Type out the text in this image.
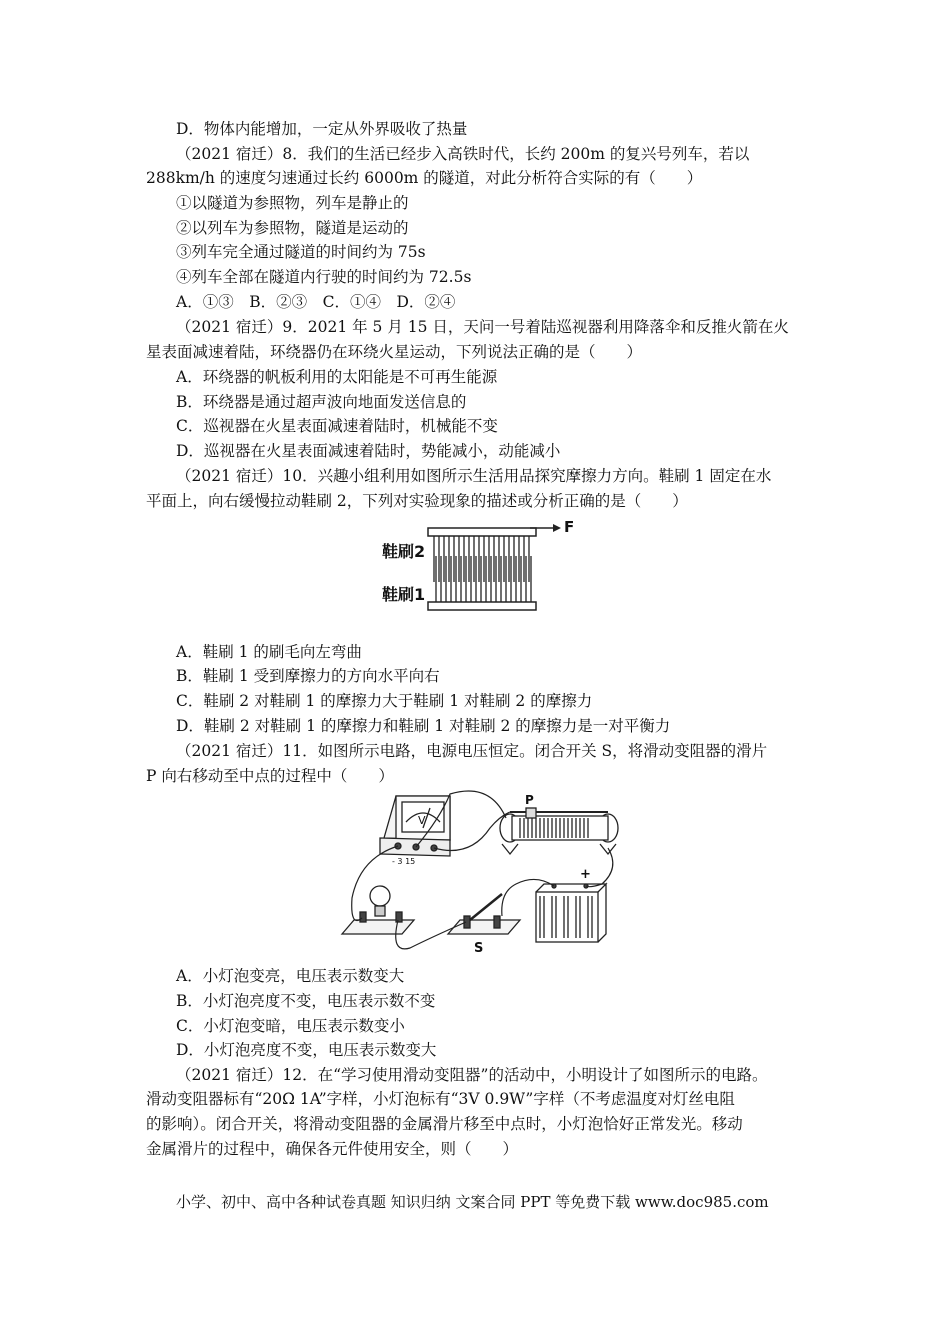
D．物体内能增加，一定从外界吸收了热量
（2021 宿迁）8．我们的生活已经步入高铁时代，长约 200m 的复兴号列车，若以
288km/h 的速度匀速通过长约 6000m 的隧道，对此分析符合实际的有（　　）
①以隧道为参照物，列车是静止的
②以列车为参照物，隧道是运动的
③列车完全通过隧道的时间约为 75s
④列车全部在隧道内行驶的时间约为 72.5s
A．①③　B．②③　C．①④　D．②④
（2021 宿迁）9．2021 年 5 月 15 日，天问一号着陆巡视器利用降落伞和反推火箭在火
星表面减速着陆，环绕器仍在环绕火星运动，下列说法正确的是（　　）
A．环绕器的帆板利用的太阳能是不可再生能源
B．环绕器是通过超声波向地面发送信息的
C．巡视器在火星表面减速着陆时，机械能不变
D．巡视器在火星表面减速着陆时，势能减小，动能减小
（2021 宿迁）10．兴趣小组利用如图所示生活用品探究摩擦力方向。鞋刷 1 固定在水
平面上，向右缓慢拉动鞋刷 2，下列对实验现象的描述或分析正确的是（　　）
鞋刷2
鞋刷1
F
A．鞋刷 1 的刷毛向左弯曲
B．鞋刷 1 受到摩擦力的方向水平向右
C．鞋刷 2 对鞋刷 1 的摩擦力大于鞋刷 1 对鞋刷 2 的摩擦力
D．鞋刷 2 对鞋刷 1 的摩擦力和鞋刷 1 对鞋刷 2 的摩擦力是一对平衡力
（2021 宿迁）11．如图所示电路，电源电压恒定。闭合开关 S，将滑动变阻器的滑片
P 向右移动至中点的过程中（　　）
V
- 3 15
P
+
S
A．小灯泡变亮，电压表示数变大
B．小灯泡亮度不变，电压表示数不变
C．小灯泡变暗，电压表示数变小
D．小灯泡亮度不变，电压表示数变大
（2021 宿迁）12．在“学习使用滑动变阻器”的活动中，小明设计了如图所示的电路。
滑动变阻器标有“20Ω 1A”字样，小灯泡标有“3V 0.9W”字样（不考虑温度对灯丝电阻
的影响）。闭合开关，将滑动变阻器的金属滑片移至中点时，小灯泡恰好正常发光。移动
金属滑片的过程中，确保各元件使用安全，则（　　）
小学、初中、高中各种试卷真题 知识归纳 文案合同 PPT 等免费下载 www.doc985.com
